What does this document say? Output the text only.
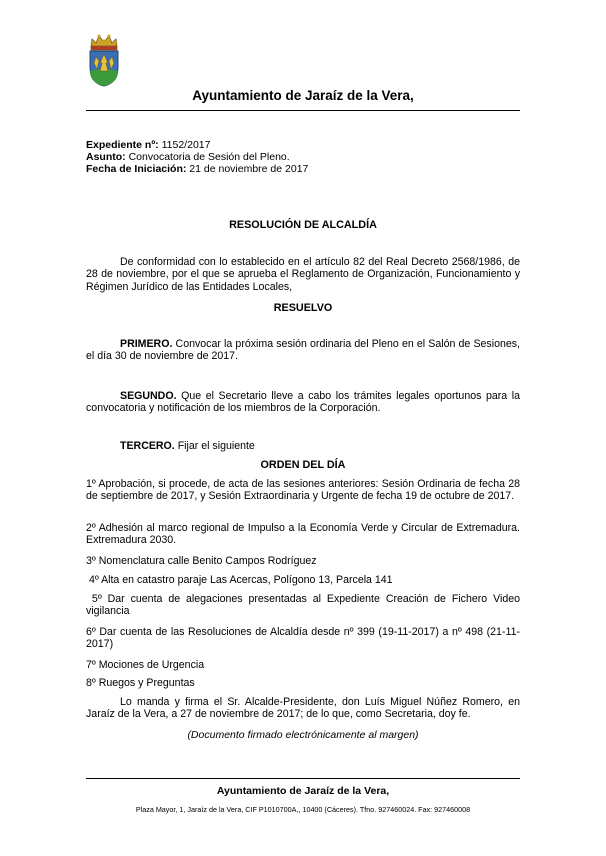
Ayuntamiento de Jaraíz de la Vera,
Expediente nº: 1152/2017
Asunto: Convocatoria de Sesión del Pleno.
Fecha de Iniciación: 21 de noviembre de 2017
RESOLUCIÓN DE ALCALDÍA
De conformidad con lo establecido en el artículo 82 del Real Decreto 2568/1986, de 28 de noviembre, por el que se aprueba el Reglamento de Organización, Funcionamiento y Régimen Jurídico de las Entidades Locales,
RESUELVO
PRIMERO. Convocar la próxima sesión ordinaria del Pleno en el Salón de Sesiones, el día 30 de noviembre de 2017.
SEGUNDO. Que el Secretario lleve a cabo los trámites legales oportunos para la convocatoria y notificación de los miembros de la Corporación.
TERCERO. Fijar el siguiente
ORDEN DEL DÍA
1º Aprobación, si procede, de acta de las sesiones anteriores: Sesión Ordinaria de fecha 28 de septiembre de 2017, y Sesión Extraordinaria y Urgente de fecha 19 de octubre de 2017.
2º Adhesión al marco regional de Impulso a la Economía Verde y Circular de Extremadura. Extremadura 2030.
3º Nomenclatura calle Benito Campos Rodríguez
4º Alta en catastro paraje Las Acercas, Polígono 13, Parcela 141
5º Dar cuenta de alegaciones presentadas al Expediente Creación de Fichero Video vigilancia
6º Dar cuenta de las Resoluciones de Alcaldía desde nº 399 (19-11-2017) a nº 498 (21-11-2017)
7º Mociones de Urgencia
8º Ruegos y Preguntas
Lo manda y firma el Sr. Alcalde-Presidente, don Luís Miguel Núñez Romero, en Jaraíz de la Vera, a 27 de noviembre de 2017; de lo que, como Secretaria, doy fe.
(Documento firmado electrónicamente al margen)
Ayuntamiento de Jaraíz de la Vera,
Plaza Mayor, 1, Jaraíz de la Vera, CIF P1010700A,, 10400 (Cáceres). Tfno. 927460024. Fax: 927460008
